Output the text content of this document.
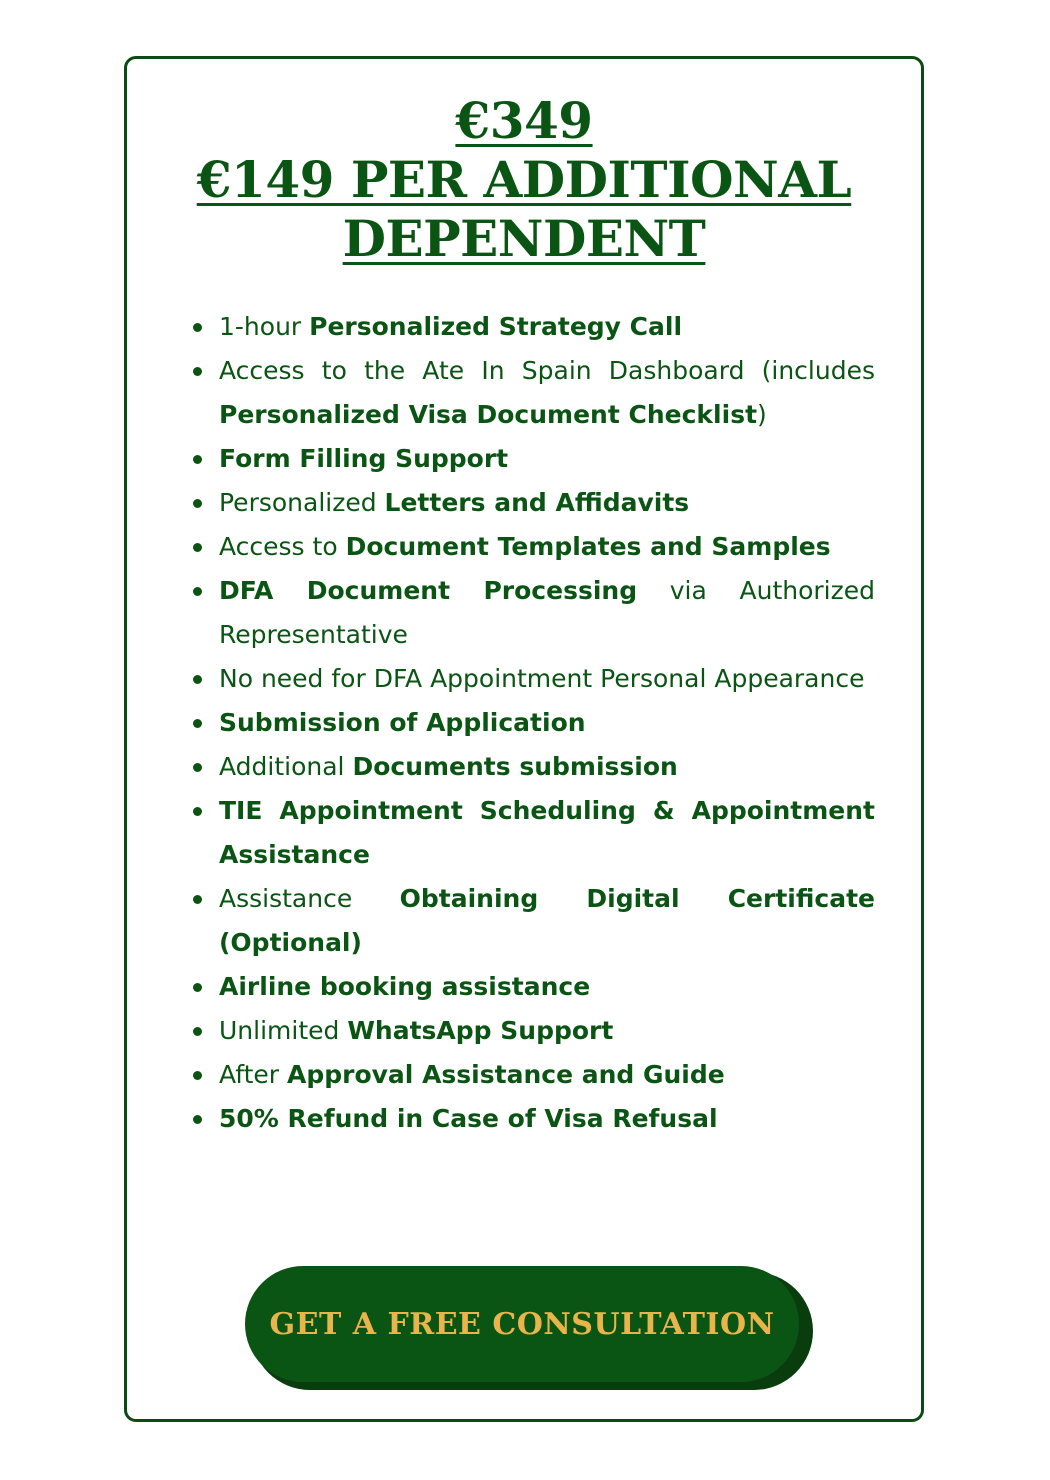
€349
€149 PER ADDITIONAL
DEPENDENT
1-hour Personalized Strategy Call
Access to the Ate In Spain Dashboard (includes Personalized Visa Document Checklist)
Form Filling Support
Personalized Letters and Affidavits
Access to Document Templates and Samples
DFA Document Processing via Authorized Representative
No need for DFA Appointment Personal Appearance
Submission of Application
Additional Documents submission
TIE Appointment Scheduling & Appointment Assistance
Assistance Obtaining Digital Certificate (Optional)
Airline booking assistance
Unlimited WhatsApp Support
After Approval Assistance and Guide
50% Refund in Case of Visa Refusal
GET A FREE CONSULTATION
